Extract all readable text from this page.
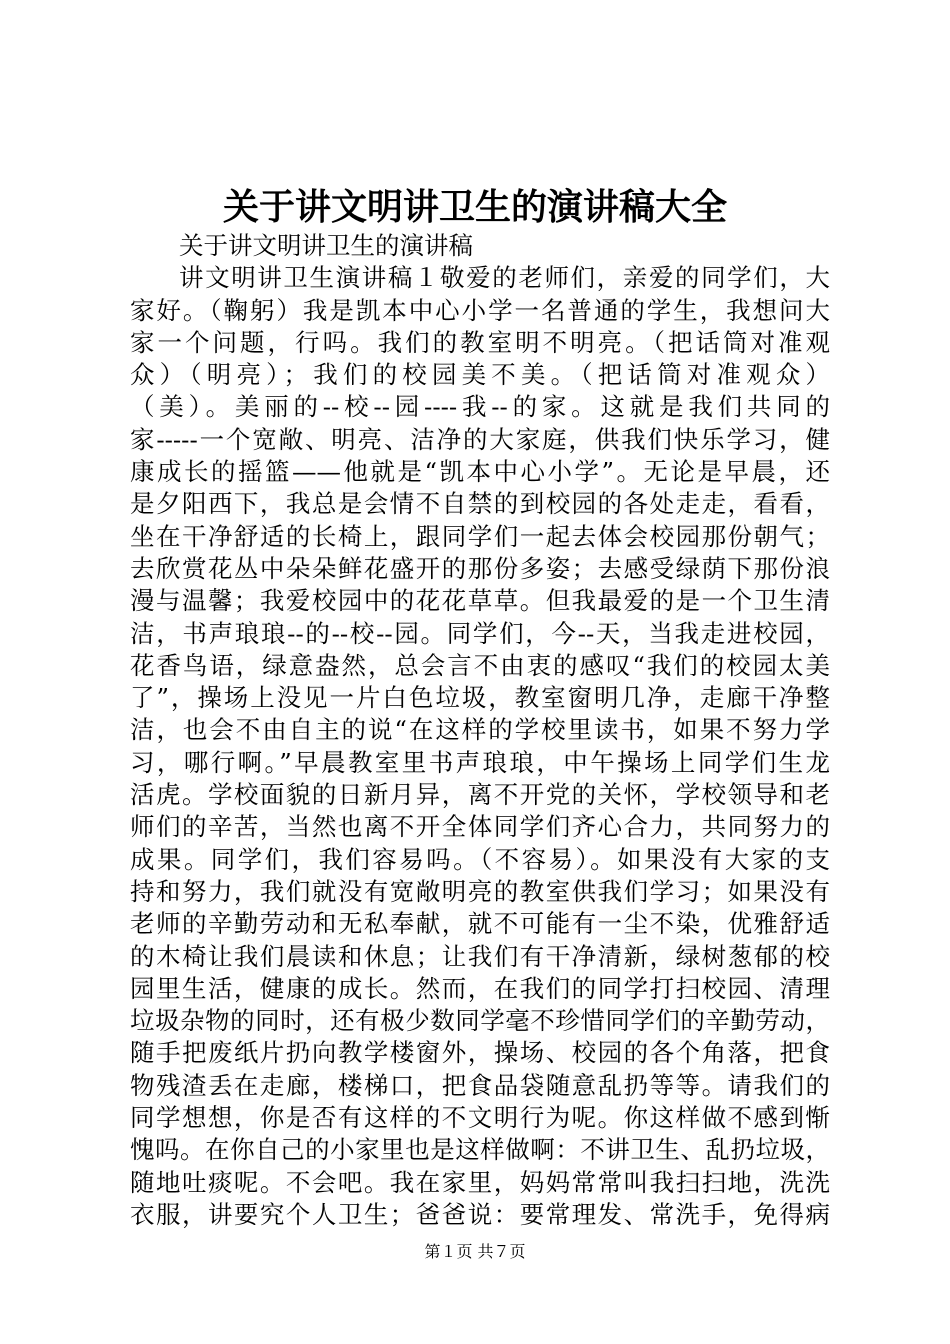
关于讲文明讲卫生的演讲稿大全
关于讲文明讲卫生的演讲稿
讲文明讲卫生演讲稿１敬爱的老师们，亲爱的同学们，大
家好。（鞠躬）我是凯本中心小学一名普通的学生，我想问大
家一个问题，行吗。我们的教室明不明亮。（把话筒对准观
众）（明亮）；我们的校园美不美。（把话筒对准观众）
（美）。美丽的--校--园----我--的家。这就是我们共同的
家-----一个宽敞、明亮、洁净的大家庭，供我们快乐学习，健
康成长的摇篮——他就是“凯本中心小学”。无论是早晨，还
是夕阳西下，我总是会情不自禁的到校园的各处走走，看看，
坐在干净舒适的长椅上，跟同学们一起去体会校园那份朝气；
去欣赏花丛中朵朵鲜花盛开的那份多姿；去感受绿荫下那份浪
漫与温馨；我爱校园中的花花草草。但我最爱的是一个卫生清
洁，书声琅琅--的--校--园。同学们，今--天，当我走进校园，
花香鸟语，绿意盎然，总会言不由衷的感叹“我们的校园太美
了”，操场上没见一片白色垃圾，教室窗明几净，走廊干净整
洁，也会不由自主的说“在这样的学校里读书，如果不努力学
习，哪行啊。”早晨教室里书声琅琅，中午操场上同学们生龙
活虎。学校面貌的日新月异，离不开党的关怀，学校领导和老
师们的辛苦，当然也离不开全体同学们齐心合力，共同努力的
成果。同学们，我们容易吗。（不容易）。如果没有大家的支
持和努力，我们就没有宽敞明亮的教室供我们学习；如果没有
老师的辛勤劳动和无私奉献，就不可能有一尘不染，优雅舒适
的木椅让我们晨读和休息；让我们有干净清新，绿树葱郁的校
园里生活，健康的成长。然而，在我们的同学打扫校园、清理
垃圾杂物的同时，还有极少数同学毫不珍惜同学们的辛勤劳动，
随手把废纸片扔向教学楼窗外，操场、校园的各个角落，把食
物残渣丢在走廊，楼梯口，把食品袋随意乱扔等等。请我们的
同学想想，你是否有这样的不文明行为呢。你这样做不感到惭
愧吗。在你自己的小家里也是这样做啊：不讲卫生、乱扔垃圾，
随地吐痰呢。不会吧。我在家里，妈妈常常叫我扫扫地，洗洗
衣服，讲要究个人卫生；爸爸说：要常理发、常洗手，免得病
第１页 共７页
